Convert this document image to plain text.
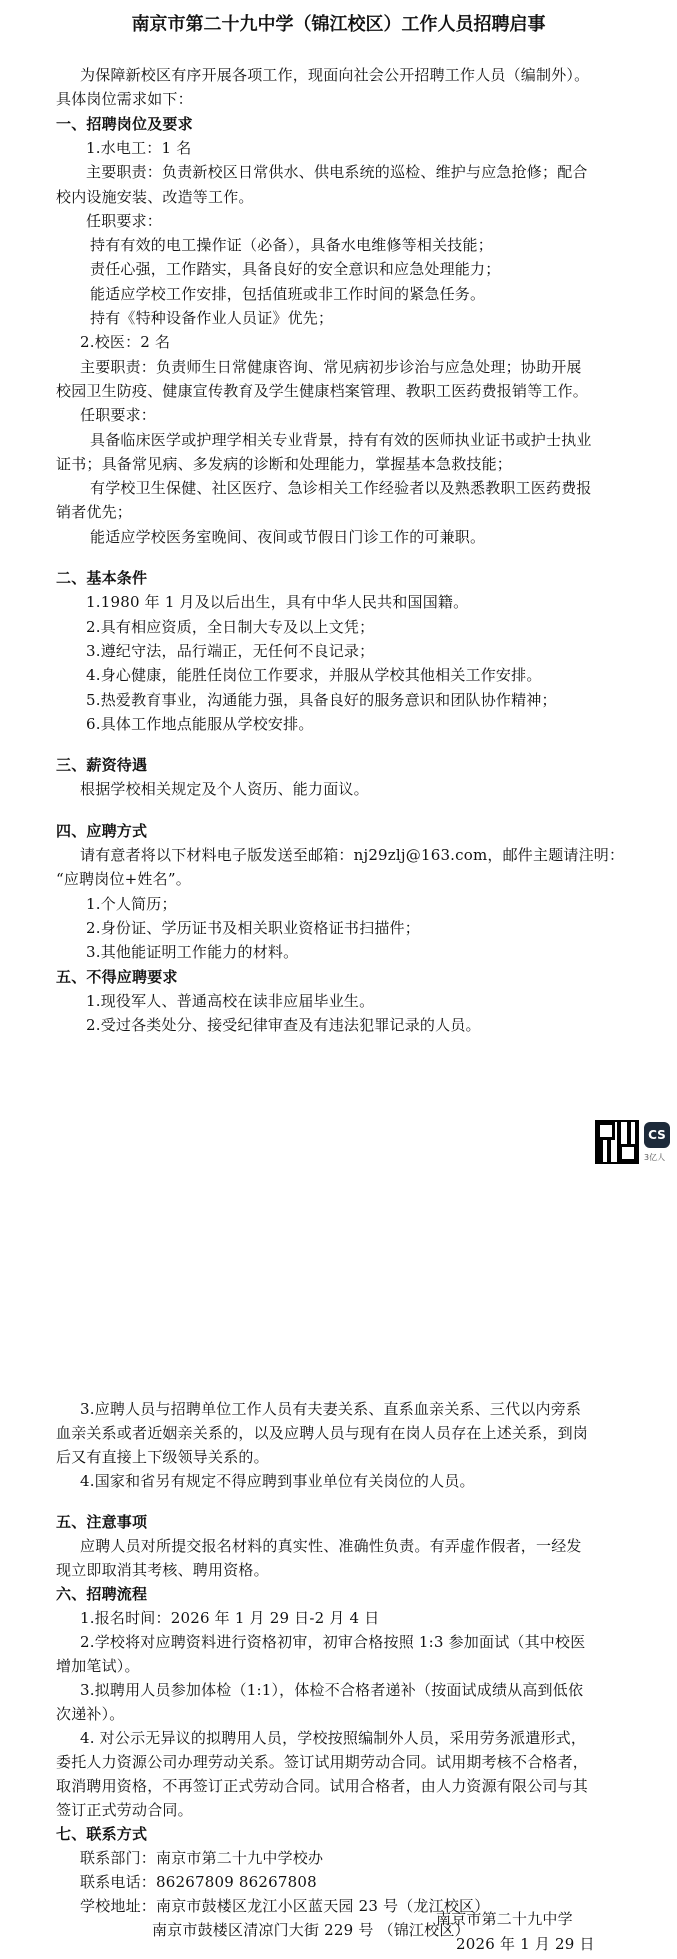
南京市第二十九中学（锦江校区）工作人员招聘启事
为保障新校区有序开展各项工作，现面向社会公开招聘工作人员（编制外）。
具体岗位需求如下：
一、招聘岗位及要求
1.水电工：1 名
主要职责：负责新校区日常供水、供电系统的巡检、维护与应急抢修；配合
校内设施安装、改造等工作。
任职要求：
持有有效的电工操作证（必备），具备水电维修等相关技能；
责任心强，工作踏实，具备良好的安全意识和应急处理能力；
能适应学校工作安排，包括值班或非工作时间的紧急任务。
持有《特种设备作业人员证》优先；
2.校医：2 名
主要职责：负责师生日常健康咨询、常见病初步诊治与应急处理；协助开展
校园卫生防疫、健康宣传教育及学生健康档案管理、教职工医药费报销等工作。
任职要求：
具备临床医学或护理学相关专业背景，持有有效的医师执业证书或护士执业
证书；具备常见病、多发病的诊断和处理能力，掌握基本急救技能；
有学校卫生保健、社区医疗、急诊相关工作经验者以及熟悉教职工医药费报
销者优先；
能适应学校医务室晚间、夜间或节假日门诊工作的可兼职。
二、基本条件
1.1980 年 1 月及以后出生，具有中华人民共和国国籍。
2.具有相应资质，全日制大专及以上文凭；
3.遵纪守法，品行端正，无任何不良记录；
4.身心健康，能胜任岗位工作要求，并服从学校其他相关工作安排。
5.热爱教育事业，沟通能力强，具备良好的服务意识和团队协作精神；
6.具体工作地点能服从学校安排。
三、薪资待遇
根据学校相关规定及个人资历、能力面议。
四、应聘方式
请有意者将以下材料电子版发送至邮箱：nj29zlj@163.com，邮件主题请注明：
“应聘岗位+姓名”。
1.个人简历；
2.身份证、学历证书及相关职业资格证书扫描件；
3.其他能证明工作能力的材料。
五、不得应聘要求
1.现役军人、普通高校在读非应届毕业生。
2.受过各类处分、接受纪律审查及有违法犯罪记录的人员。
CS
3亿人
3.应聘人员与招聘单位工作人员有夫妻关系、直系血亲关系、三代以内旁系
血亲关系或者近姻亲关系的，以及应聘人员与现有在岗人员存在上述关系，到岗
后又有直接上下级领导关系的。
4.国家和省另有规定不得应聘到事业单位有关岗位的人员。
五、注意事项
应聘人员对所提交报名材料的真实性、准确性负责。有弄虚作假者，一经发
现立即取消其考核、聘用资格。
六、招聘流程
1.报名时间：2026 年 1 月 29 日-2 月 4 日
2.学校将对应聘资料进行资格初审，初审合格按照 1:3 参加面试（其中校医
增加笔试）。
3.拟聘用人员参加体检（1:1），体检不合格者递补（按面试成绩从高到低依
次递补）。
4. 对公示无异议的拟聘用人员，学校按照编制外人员，采用劳务派遣形式，
委托人力资源公司办理劳动关系。签订试用期劳动合同。试用期考核不合格者，
取消聘用资格，不再签订正式劳动合同。试用合格者，由人力资源有限公司与其
签订正式劳动合同。
七、联系方式
联系部门：南京市第二十九中学校办
联系电话：86267809 86267808
学校地址：南京市鼓楼区龙江小区蓝天园 23 号（龙江校区）
南京市鼓楼区清凉门大街 229 号 （锦江校区）
南京市第二十九中学
2026 年 1 月 29 日
